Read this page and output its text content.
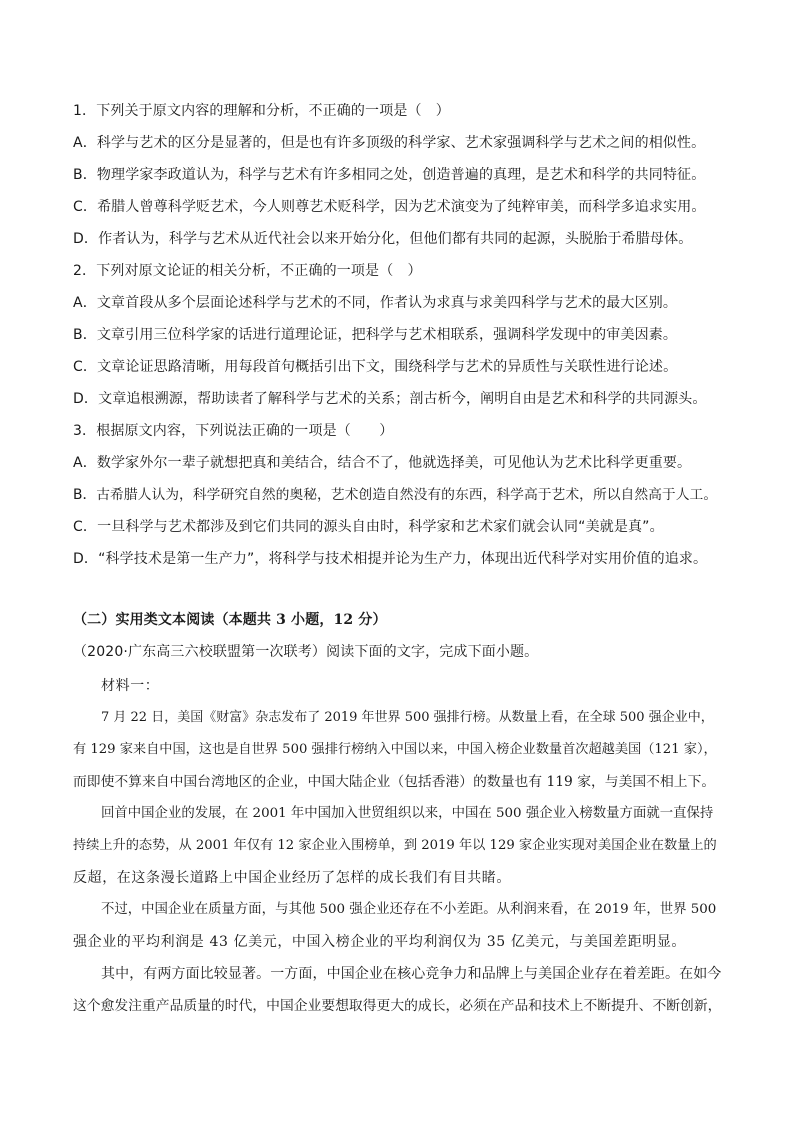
1．下列关于原文内容的理解和分析，不正确的一项是（　）
A．科学与艺术的区分是显著的，但是也有许多顶级的科学家、艺术家强调科学与艺术之间的相似性。
B．物理学家李政道认为，科学与艺术有许多相同之处，创造普遍的真理，是艺术和科学的共同特征。
C．希腊人曾尊科学贬艺术，今人则尊艺术贬科学，因为艺术演变为了纯粹审美，而科学多追求实用。
D．作者认为，科学与艺术从近代社会以来开始分化，但他们都有共同的起源，头脱胎于希腊母体。
2．下列对原文论证的相关分析，不正确的一项是（　）
A．文章首段从多个层面论述科学与艺术的不同，作者认为求真与求美四科学与艺术的最大区别。
B．文章引用三位科学家的话进行道理论证，把科学与艺术相联系，强调科学发现中的审美因素。
C．文章论证思路清晰，用每段首句概括引出下文，围绕科学与艺术的异质性与关联性进行论述。
D．文章追根溯源，帮助读者了解科学与艺术的关系；剖古析今，阐明自由是艺术和科学的共同源头。
3．根据原文内容，下列说法正确的一项是（　　）
A．数学家外尔一辈子就想把真和美结合，结合不了，他就选择美，可见他认为艺术比科学更重要。
B．古希腊人认为，科学研究自然的奥秘，艺术创造自然没有的东西，科学高于艺术，所以自然高于人工。
C．一旦科学与艺术都涉及到它们共同的源头自由时，科学家和艺术家们就会认同“美就是真”。
D．“科学技术是第一生产力”，将科学与技术相提并论为生产力，体现出近代科学对实用价值的追求。
（二）实用类文本阅读（本题共 3 小题，12 分）
（2020·广东高三六校联盟第一次联考）阅读下面的文字，完成下面小题。
材料一：
7 月 22 日，美国《财富》杂志发布了 2019 年世界 500 强排行榜。从数量上看，在全球 500 强企业中，
有 129 家来自中国，这也是自世界 500 强排行榜纳入中国以来，中国入榜企业数量首次超越美国（121 家），
而即使不算来自中国台湾地区的企业，中国大陆企业（包括香港）的数量也有 119 家，与美国不相上下。
回首中国企业的发展，在 2001 年中国加入世贸组织以来，中国在 500 强企业入榜数量方面就一直保持
持续上升的态势，从 2001 年仅有 12 家企业入围榜单，到 2019 年以 129 家企业实现对美国企业在数量上的
反超，在这条漫长道路上中国企业经历了怎样的成长我们有目共睹。
不过，中国企业在质量方面，与其他 500 强企业还存在不小差距。从利润来看，在 2019 年，世界 500
强企业的平均利润是 43 亿美元，中国入榜企业的平均利润仅为 35 亿美元，与美国差距明显。
其中，有两方面比较显著。一方面，中国企业在核心竞争力和品牌上与美国企业存在着差距。在如今
这个愈发注重产品质量的时代，中国企业要想取得更大的成长，必须在产品和技术上不断提升、不断创新，
